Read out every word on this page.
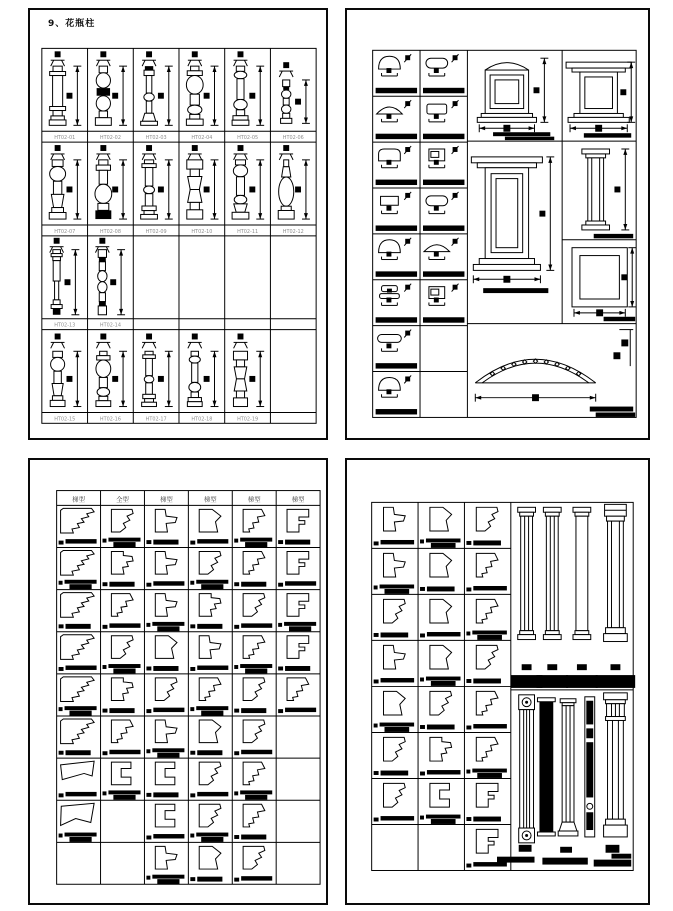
9、花瓶柱
HT02-01	HT02-02	HT02-03	HT02-04	HT02-05	HT02-06
HT02-07	HT02-08	HT02-09	HT02-10	HT02-11	HT02-12
HT02-13	HT02-14
HT02-15	HT02-16	HT02-17	HT02-18	HT02-19
梯型	全型	梯型	梯型	梯型	梯型
